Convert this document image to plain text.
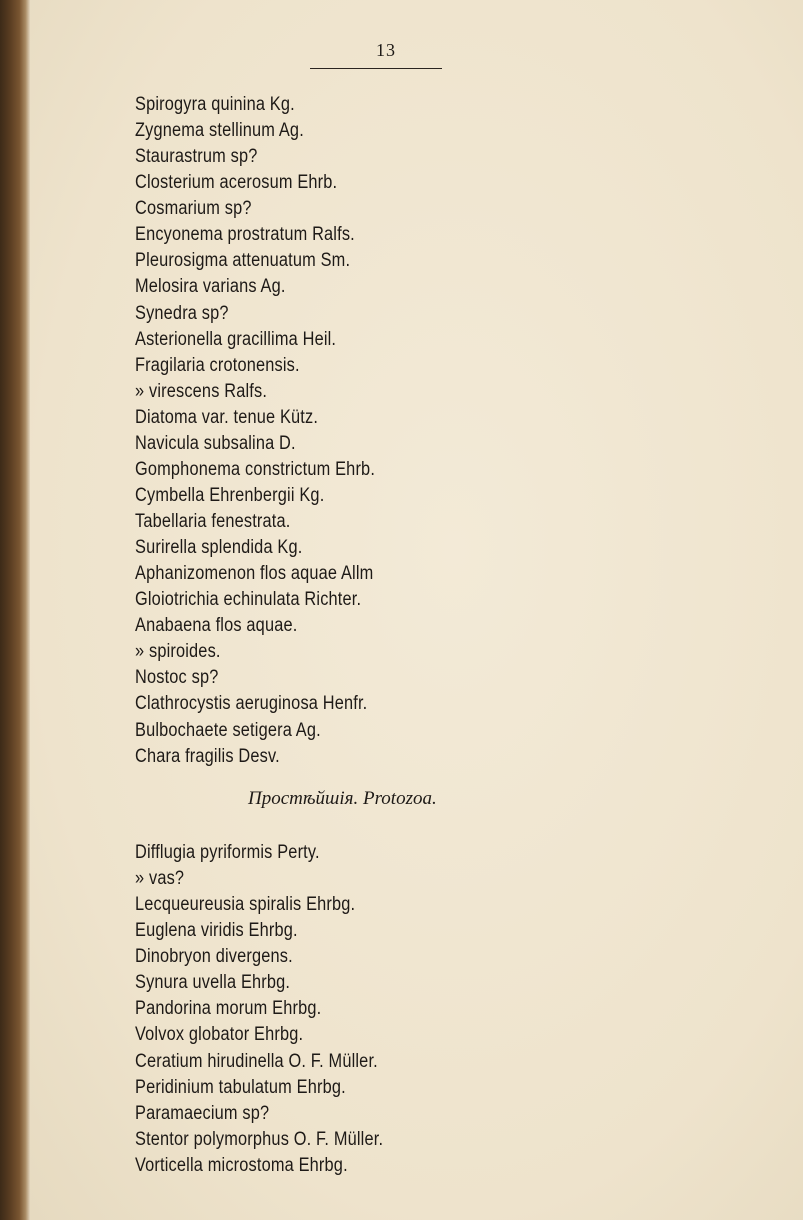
13
Spirogyra quinina Kg.
Zygnema stellinum Ag.
Staurastrum sp?
Closterium acerosum Ehrb.
Cosmarium sp?
Encyonema prostratum Ralfs.
Pleurosigma attenuatum Sm.
Melosira varians Ag.
Synedra sp?
Asterionella gracillima Heil.
Fragilaria crotonensis.
» virescens Ralfs.
Diatoma var. tenue Kütz.
Navicula subsalina D.
Gomphonema constrictum Ehrb.
Cymbella Ehrenbergii Kg.
Tabellaria fenestrata.
Surirella splendida Kg.
Aphanizomenon flos aquae Allm
Gloiotrichia echinulata Richter.
Anabaena flos aquae.
» spiroides.
Nostoc sp?
Clathrocystis aeruginosa Henfr.
Bulbochaete setigera Ag.
Chara fragilis Desv.
Простѣйшія. Protozoa.
Difflugia pyriformis Perty.
» vas?
Lecqueureusia spiralis Ehrbg.
Euglena viridis Ehrbg.
Dinobryon divergens.
Synura uvella Ehrbg.
Pandorina morum Ehrbg.
Volvox globator Ehrbg.
Ceratium hirudinella O. F. Müller.
Peridinium tabulatum Ehrbg.
Paramaecium sp?
Stentor polymorphus O. F. Müller.
Vorticella microstoma Ehrbg.
